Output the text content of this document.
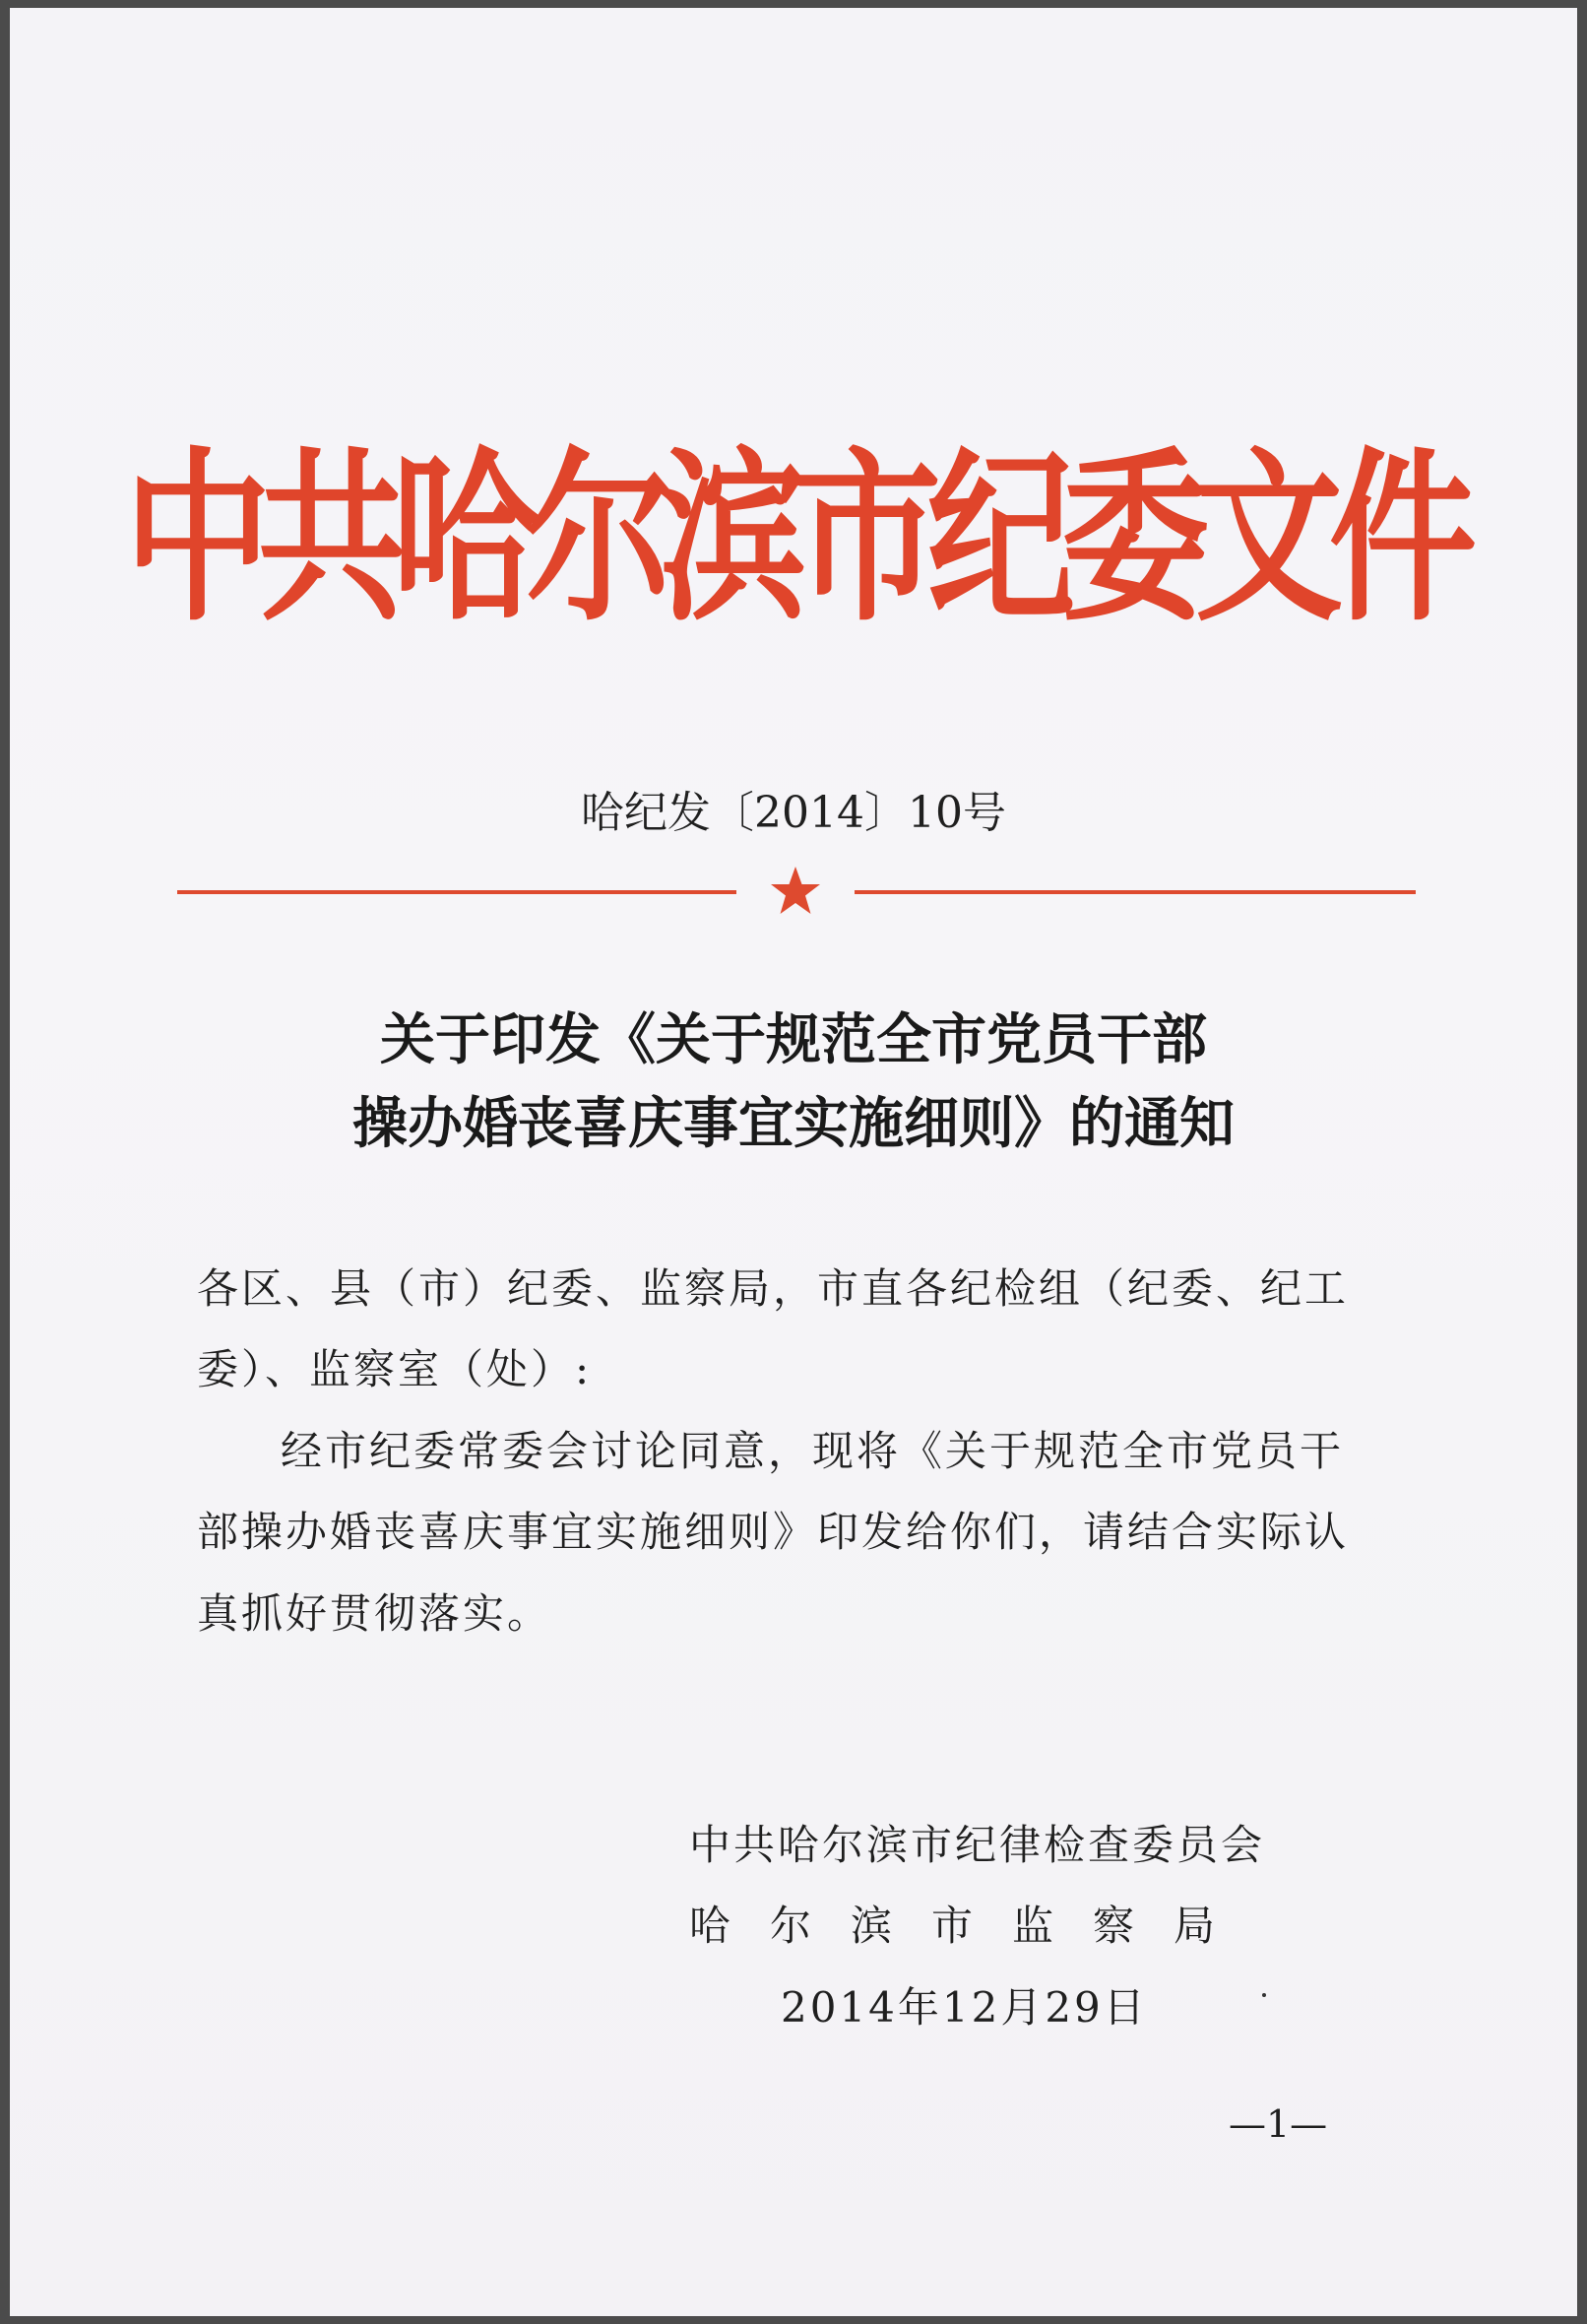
中共哈尔滨市纪委文件
哈纪发〔2014〕10号
关于印发《关于规范全市党员干部
操办婚丧喜庆事宜实施细则》的通知
各区、县（市）纪委、监察局，市直各纪检组（纪委、纪工
委）、监察室（处）:
经市纪委常委会讨论同意，现将《关于规范全市党员干
部操办婚丧喜庆事宜实施细则》印发给你们，请结合实际认
真抓好贯彻落实。
中共哈尔滨市纪律检查委员会
哈尔滨市监察局
2014年12月29日
—1—
